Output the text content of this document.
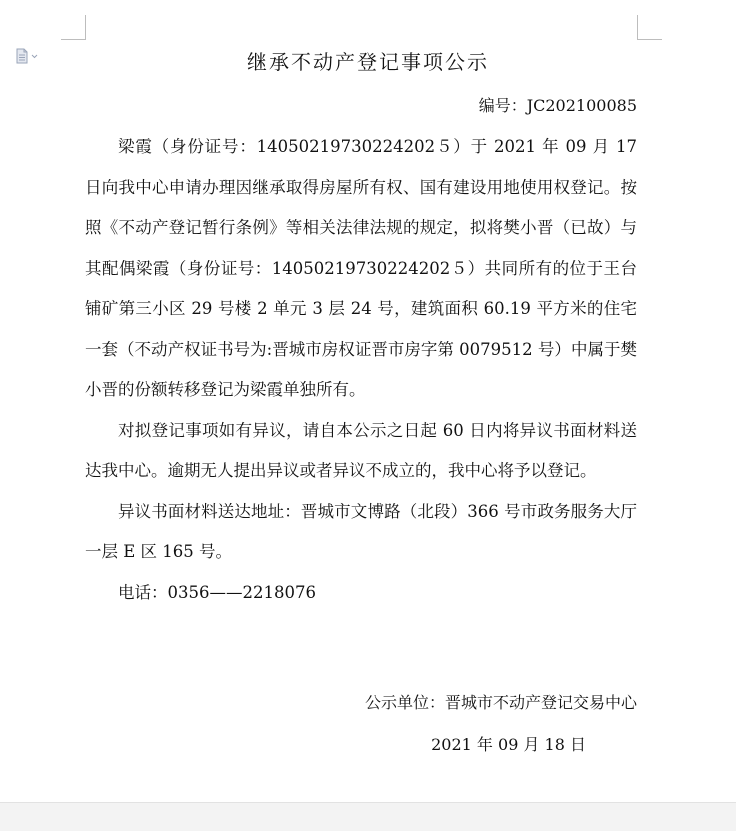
继承不动产登记事项公示
编号：JC202100085

梁霞（身份证号：14050219730224202５）于 2021 年 09 月 17 日向我中心申请办理因继承取得房屋所有权、国有建设用地使用权登记。按照《不动产登记暂行条例》等相关法律法规的规定，拟将樊小晋（已故）与其配偶梁霞（身份证号：14050219730224202５）共同所有的位于王台铺矿第三小区 29 号楼 2 单元 3 层 24 号，建筑面积 60.19 平方米的住宅一套（不动产权证书号为:晋城市房权证晋市房字第 0079512 号）中属于樊小晋的份额转移登记为梁霞单独所有。

对拟登记事项如有异议，请自本公示之日起 60 日内将异议书面材料送达我中心。逾期无人提出异议或者异议不成立的，我中心将予以登记。

异议书面材料送达地址：晋城市文博路（北段）366 号市政务服务大厅一层 E 区 165 号。

电话：0356——2218076

公示单位：晋城市不动产登记交易中心
2021 年 09 月 18 日
